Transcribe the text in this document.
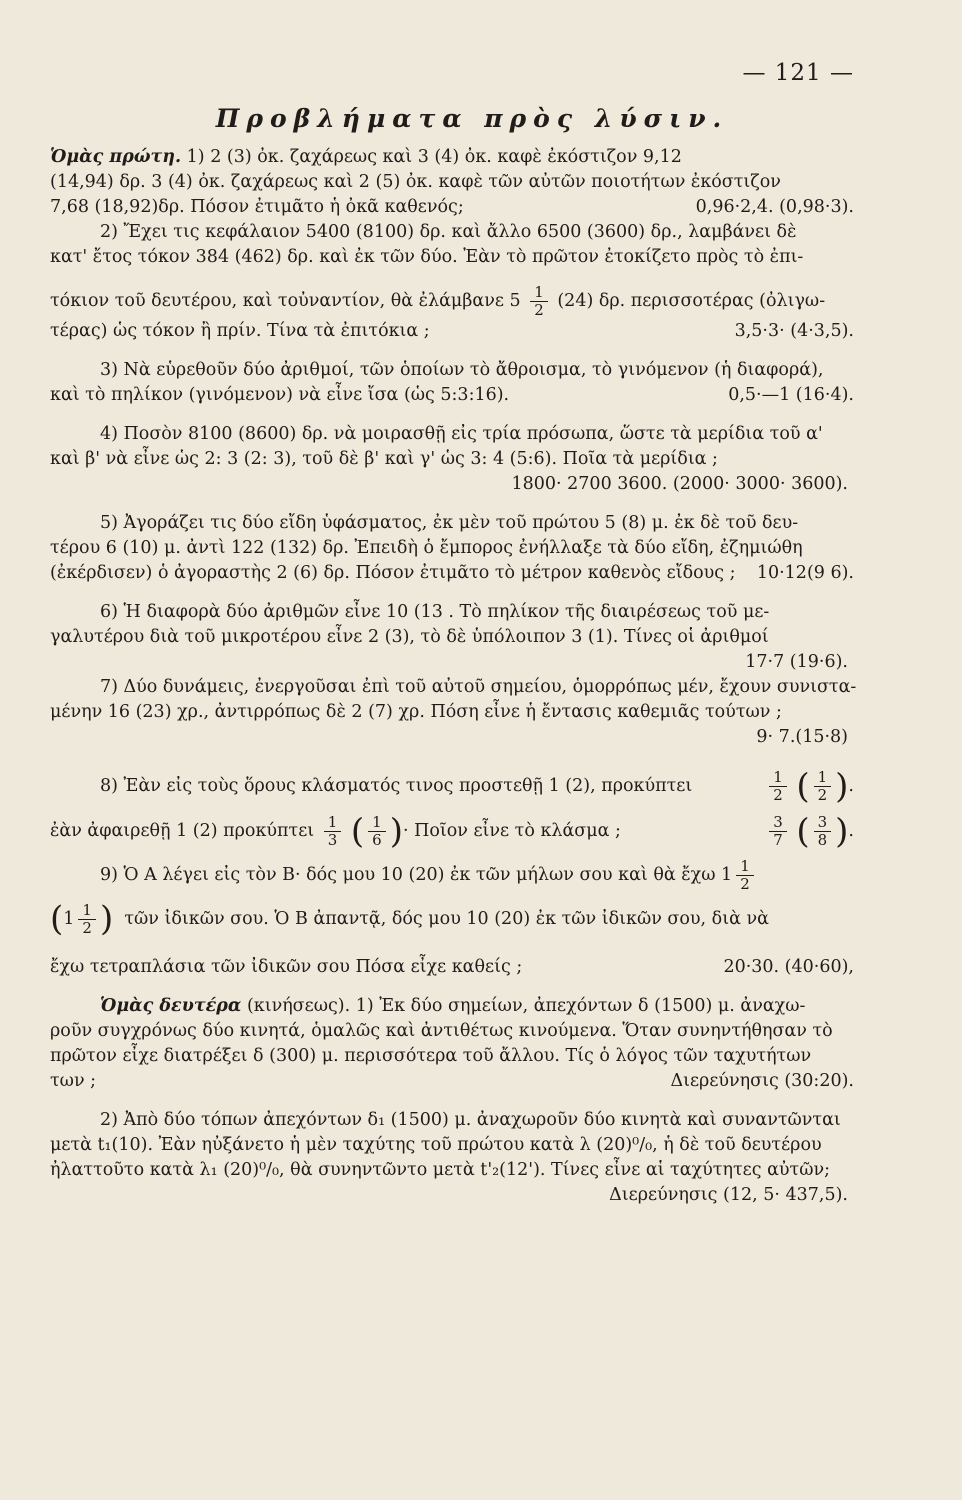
— 121 —
Προβλήματα πρὸς λύσιν.
Ὁμὰς πρώτη. 1) 2 (3) ὀκ. ζαχάρεως καὶ 3 (4) ὀκ. καφὲ ἐκόστιζον 9,12
(14,94) δρ. 3 (4) ὀκ. ζαχάρεως καὶ 2 (5) ὀκ. καφὲ τῶν αὐτῶν ποιοτήτων ἐκόστιζον
7,68 (18,92)δρ. Πόσον ἐτιμᾶτο ἡ ὀκᾶ καθενός;	0,96·2,4. (0,98·3).
2) Ἔχει τις κεφάλαιον 5400 (8100) δρ. καὶ ἄλλο 6500 (3600) δρ., λαμβάνει δὲ
κατ' ἔτος τόκον 384 (462) δρ. καὶ ἐκ τῶν δύο. Ἐὰν τὸ πρῶτον ἐτοκίζετο πρὸς τὸ ἐπι-
τόκιον τοῦ δευτέρου, καὶ τοὐναντίον, θὰ ἐλάμβανε $5 \frac{1}{2} (24)$ δρ. περισσοτέρας (ὀλιγω-
τέρας) ὡς τόκον ἢ πρίν. Τίνα τὰ ἐπιτόκια ;	3,5·3· (4·3,5).
3) Νὰ εὑρεθοῦν δύο ἀριθμοί, τῶν ὁποίων τὸ ἄθροισμα, τὸ γινόμενον (ἡ διαφορά),
καὶ τὸ πηλίκον (γινόμενον) νὰ εἶνε ἴσα (ὡς 5:3:16).	0,5·—1 (16·4).
4) Ποσὸν 8100 (8600) δρ. νὰ μοιρασθῇ εἰς τρία πρόσωπα, ὥστε τὰ μερίδια τοῦ α'
καὶ β' νὰ εἶνε ὡς 2: 3 (2: 3), τοῦ δὲ β' καὶ γ' ὡς 3: 4 (5:6). Ποῖα τὰ μερίδια ;
1800· 2700 3600. (2000· 3000· 3600).
5) Ἀγοράζει τις δύο εἴδη ὑφάσματος, ἐκ μὲν τοῦ πρώτου 5 (8) μ. ἐκ δὲ τοῦ δευ-
τέρου 6 (10) μ. ἀντὶ 122 (132) δρ. Ἐπειδὴ ὁ ἔμπορος ἐνήλλαξε τὰ δύο εἴδη, ἐζημιώθη
(ἐκέρδισεν) ὁ ἀγοραστὴς 2 (6) δρ. Πόσον ἐτιμᾶτο τὸ μέτρον καθενὸς εἴδους ; 10·12(9 6).
6) Ἡ διαφορὰ δύο ἀριθμῶν εἶνε 10 (13 . Τὸ πηλίκον τῆς διαιρέσεως τοῦ με-
γαλυτέρου διὰ τοῦ μικροτέρου εἶνε 2 (3), τὸ δὲ ὑπόλοιπον 3 (1). Τίνες οἱ ἀριθμοί
17·7 (19·6).
7) Δύο δυνάμεις, ἐνεργοῦσαι ἐπὶ τοῦ αὐτοῦ σημείου, ὁμορρόπως μέν, ἔχουν συνιστα-
μένην 16 (23) χρ., ἀντιρρόπως δὲ 2 (7) χρ. Πόση εἶνε ἡ ἔντασις καθεμιᾶς τούτων ;
9· 7.(15·8)
8) Ἐὰν εἰς τοὺς ὅρους κλάσματός τινος προστεθῇ 1 (2), προκύπτει	$\frac{1}{2}$ ( $\frac{1}{2}$ ).
ἐὰν ἀφαιρεθῇ 1 (2) προκύπτει $\frac{1}{3}$ ( $\frac{1}{6}$ )· Ποῖον εἶνε τὸ κλάσμα ;	$\frac{3}{7}$ ( $\frac{3}{8}$ ).
9) Ὁ Α λέγει εἰς τὸν Β· δός μου 10 (20) ἐκ τῶν μήλων σου καὶ θὰ ἔχω $1 \frac{1}{2}$
( $1 \frac{1}{2}$ )
τῶν ἰδικῶν σου. Ὁ Β ἀπαντᾷ, δός μου 10 (20) ἐκ τῶν ἰδικῶν σου, διὰ νὰ
ἔχω τετραπλάσια τῶν ἰδικῶν σου Πόσα εἶχε καθείς ;	20·30. (40·60),
Ὁμὰς δευτέρα (κινήσεως). 1) Ἐκ δύο σημείων, ἀπεχόντων δ (1500) μ. ἀναχω-
ροῦν συγχρόνως δύο κινητά, ὁμαλῶς καὶ ἀντιθέτως κινούμενα. Ὅταν συνηντήθησαν τὸ
πρῶτον εἶχε διατρέξει δ (300) μ. περισσότερα τοῦ ἄλλου. Τίς ὁ λόγος τῶν ταχυτήτων
των ;	Διερεύνησις (30:20).
2) Ἀπὸ δύο τόπων ἀπεχόντων δ₁ (1500) μ. ἀναχωροῦν δύο κινητὰ καὶ συναντῶνται
μετὰ t₁(10). Ἐὰν ηὐξάνετο ἡ μὲν ταχύτης τοῦ πρώτου κατὰ λ (20)⁰/₀, ἡ δὲ τοῦ δευτέρου
ἠλαττοῦτο κατὰ λ₁ (20)⁰/₀, θὰ συνηντῶντο μετὰ t'₂(12'). Τίνες εἶνε αἱ ταχύτητες αὐτῶν;
Διερεύνησις (12, 5· 437,5).
